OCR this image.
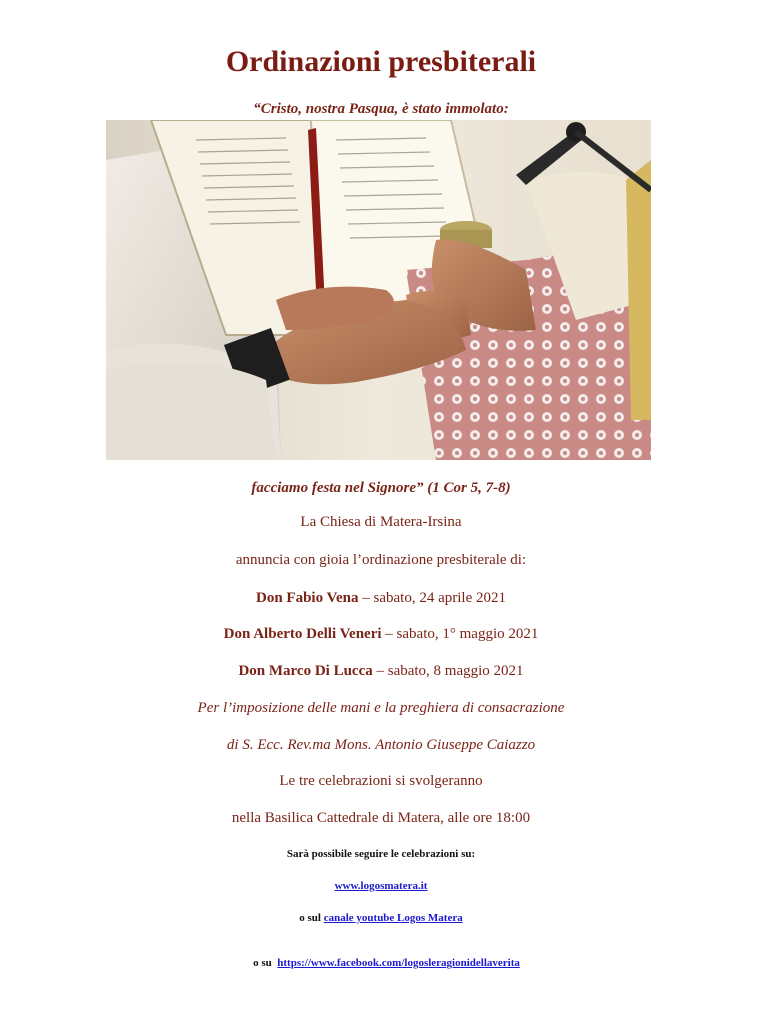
Ordinazioni presbiterali
“Cristo, nostra Pasqua, è stato immolato:
facciamo festa nel Signore” (1 Cor 5, 7-8)
La Chiesa di Matera-Irsina
annuncia con gioia l’ordinazione presbiterale di:
Don Fabio Vena – sabato, 24 aprile 2021
Don Alberto Delli Veneri – sabato, 1° maggio 2021
Don Marco Di Lucca – sabato, 8 maggio 2021
Per l’imposizione delle mani e la preghiera di consacrazione
di S. Ecc. Rev.ma Mons. Antonio Giuseppe Caiazzo
Le tre celebrazioni si svolgeranno
nella Basilica Cattedrale di Matera, alle ore 18:00
Sarà possibile seguire le celebrazioni su:
www.logosmatera.it
o sul canale youtube Logos Matera

o su  https://www.facebook.com/logosleragionidellaverita
